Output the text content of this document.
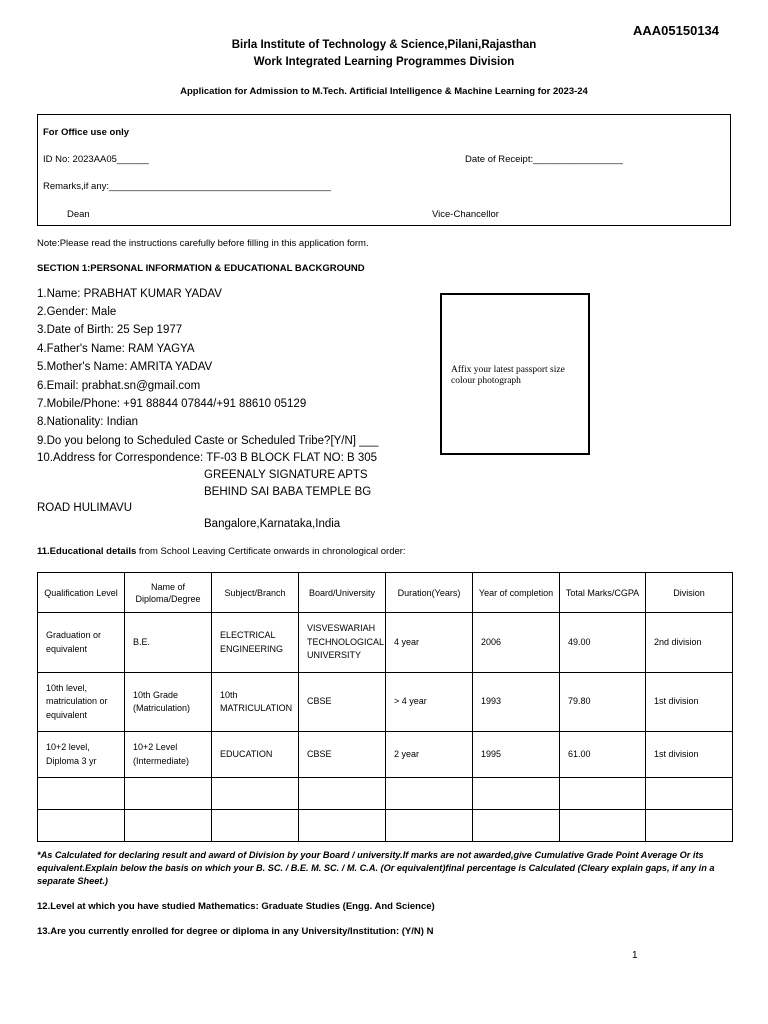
AAA05150134
Birla Institute of Technology & Science,Pilani,Rajasthan
Work Integrated Learning Programmes Division
Application for Admission to M.Tech. Artificial Intelligence & Machine Learning for 2023-24
For Office use only
ID No: 2023AA05______	Date of Receipt:_________________
Remarks,if any:__________________________________________
Dean	Vice-Chancellor
Note:Please read the instructions carefully before filling in this application form.
SECTION 1:PERSONAL INFORMATION & EDUCATIONAL BACKGROUND
1.Name: PRABHAT KUMAR YADAV
2.Gender: Male
3.Date of Birth: 25 Sep 1977
4.Father's Name: RAM YAGYA
5.Mother's Name: AMRITA YADAV
6.Email: prabhat.sn@gmail.com
7.Mobile/Phone: +91 88844 07844/+91 88610 05129
8.Nationality: Indian
9.Do you belong to Scheduled Caste or Scheduled Tribe?[Y/N] ___
10.Address for Correspondence: TF-03 B BLOCK FLAT NO: B 305
GREENALY SIGNATURE APTS
BEHIND SAI BABA TEMPLE BG
ROAD HULIMAVU
Bangalore,Karnataka,India
Affix your latest passport size
colour photograph
11.Educational details from School Leaving Certificate onwards in chronological order:
Qualification Level	Name of Diploma/Degree	Subject/Branch	Board/University	Duration(Years)	Year of completion	Total Marks/CGPA	Division
Graduation or equivalent	B.E.	ELECTRICAL ENGINEERING	VISVESWARIAH TECHNOLOGICAL UNIVERSITY	4 year	2006	49.00	2nd division
10th level, matriculation or equivalent	10th Grade (Matriculation)	10th MATRICULATION	CBSE	> 4 year	1993	79.80	1st division
10+2 level, Diploma 3 yr	10+2 Level (Intermediate)	EDUCATION	CBSE	2 year	1995	61.00	1st division

*As Calculated for declaring result and award of Division by your Board / university.If marks are not awarded,give Cumulative Grade Point Average Or its equivalent.Explain below the basis on which your B. SC. / B.E. M. SC. / M. C.A. (Or equivalent)final percentage is Calculated (Cleary explain gaps, if any in a separate Sheet.)
12.Level at which you have studied Mathematics: Graduate Studies (Engg. And Science)
13.Are you currently enrolled for degree or diploma in any University/Institution: (Y/N) N
1
